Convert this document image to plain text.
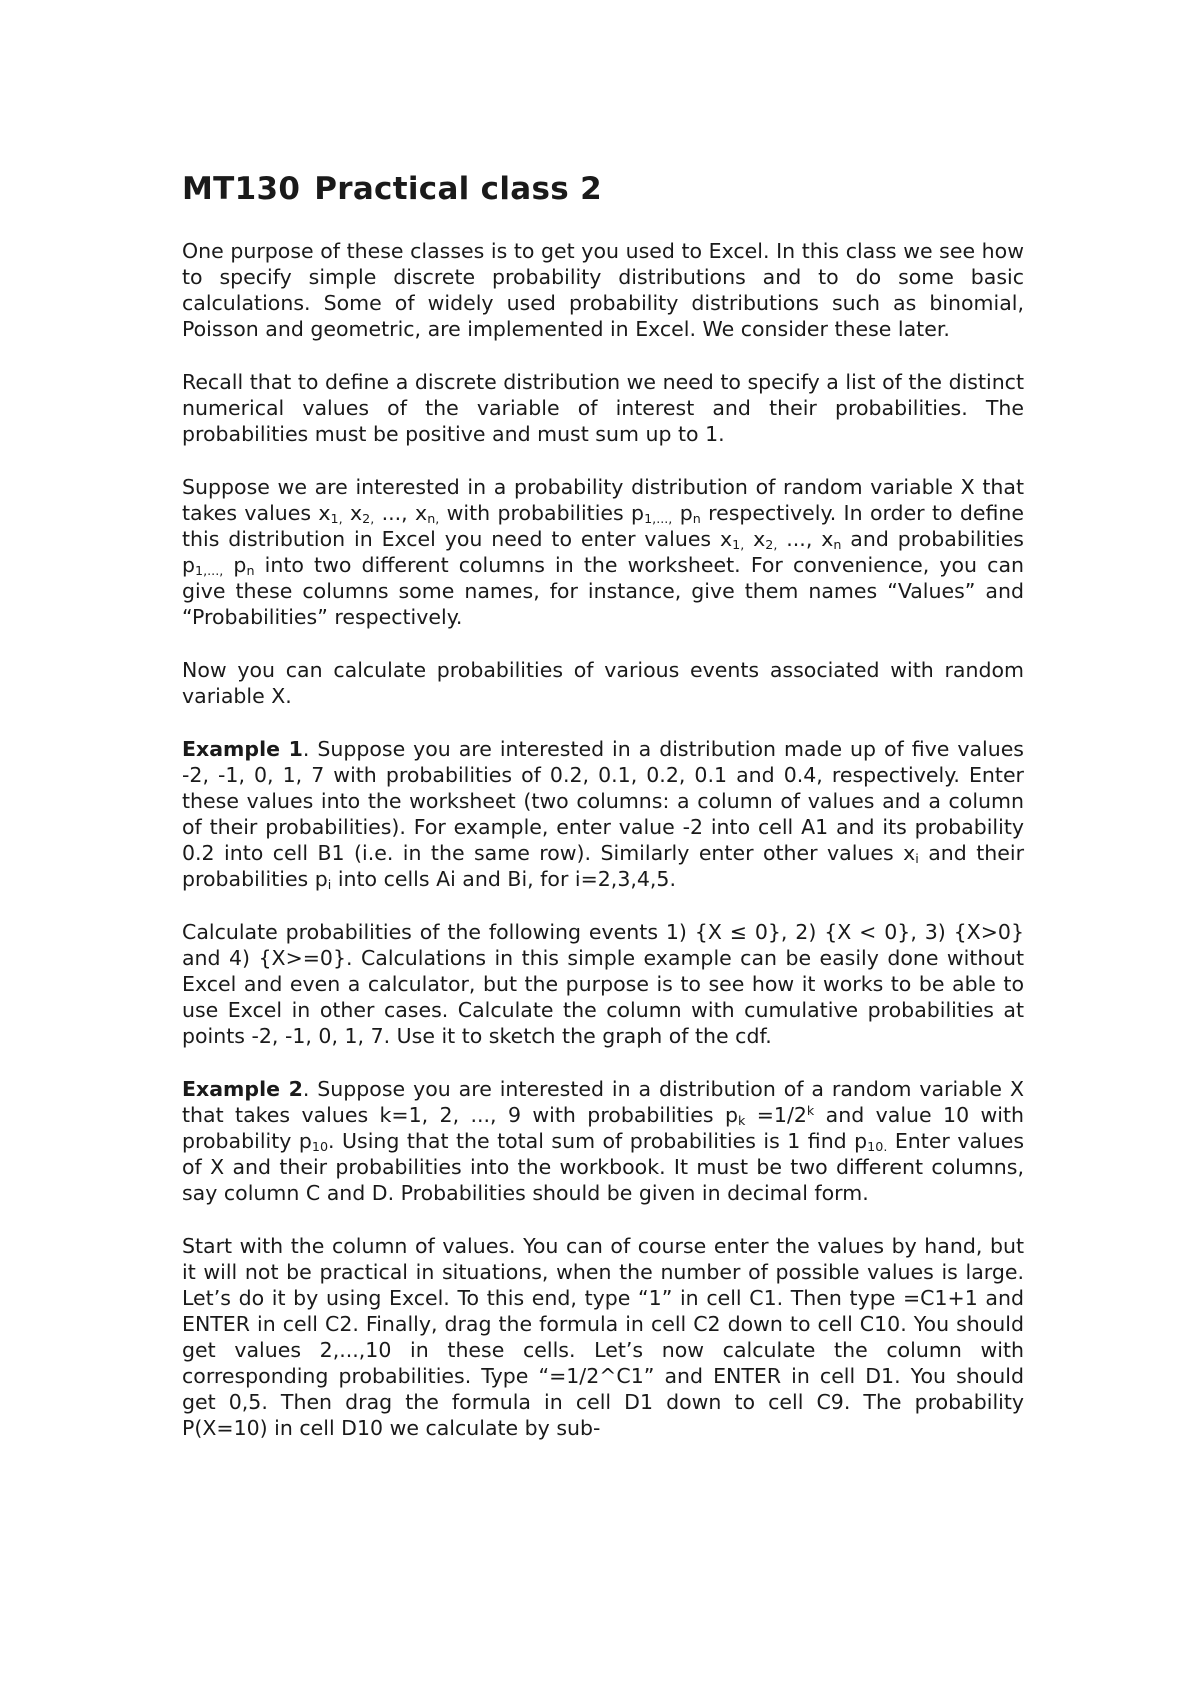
MT130 Practical class 2

One purpose of these classes is to get you used to Excel. In this class we see how to specify simple discrete probability distributions and to do some basic calculations. Some of widely used probability distributions such as binomial, Poisson and geometric, are implemented in Excel. We consider these later.

Recall that to define a discrete distribution we need to specify a list of the distinct numerical values of the variable of interest and their probabilities. The probabilities must be positive and must sum up to 1.

Suppose we are interested in a probability distribution of random variable X that takes values $x_{1,}$ $x_{2,}$ ..., $x_{n,}$ with probabilities $p_{1,...,}$ $p_n$ respectively. In order to define this distribution in Excel you need to enter values $x_{1,}$ $x_{2,}$ ..., $x_n$ and probabilities $p_{1,...,}$ $p_n$ into two different columns in the worksheet. For convenience, you can give these columns some names, for instance, give them names “Values” and “Probabilities” respectively.

Now you can calculate probabilities of various events associated with random variable X.

Example 1. Suppose you are interested in a distribution made up of five values -2, -1, 0, 1, 7 with probabilities of 0.2, 0.1, 0.2, 0.1 and 0.4, respectively. Enter these values into the worksheet (two columns: a column of values and a column of their probabilities). For example, enter value -2 into cell A1 and its probability 0.2 into cell B1 (i.e. in the same row). Similarly enter other values $x_i$ and their probabilities $p_i$ into cells Ai and Bi, for i=2,3,4,5.

Calculate probabilities of the following events 1) {X ≤ 0}, 2) {X < 0}, 3) {X>0} and 4) {X>=0}. Calculations in this simple example can be easily done without Excel and even a calculator, but the purpose is to see how it works to be able to use Excel in other cases. Calculate the column with cumulative probabilities at points -2, -1, 0, 1, 7. Use it to sketch the graph of the cdf.

Example 2. Suppose you are interested in a distribution of a random variable X that takes values k=1, 2, ..., 9 with probabilities $p_k =1/2^k$ and value 10 with probability $p_{10}$. Using that the total sum of probabilities is 1 find $p_{10.}$ Enter values of X and their probabilities into the workbook. It must be two different columns, say column C and D. Probabilities should be given in decimal form.

Start with the column of values. You can of course enter the values by hand, but it will not be practical in situations, when the number of possible values is large. Let’s do it by using Excel. To this end, type “1” in cell C1. Then type =C1+1 and ENTER in cell C2. Finally, drag the formula in cell C2 down to cell C10. You should get values 2,...,10 in these cells. Let’s now calculate the column with corresponding probabilities. Type “=1/2^C1” and ENTER in cell D1. You should get 0,5. Then drag the formula in cell D1 down to cell C9. The probability P(X=10) in cell D10 we calculate by sub-
